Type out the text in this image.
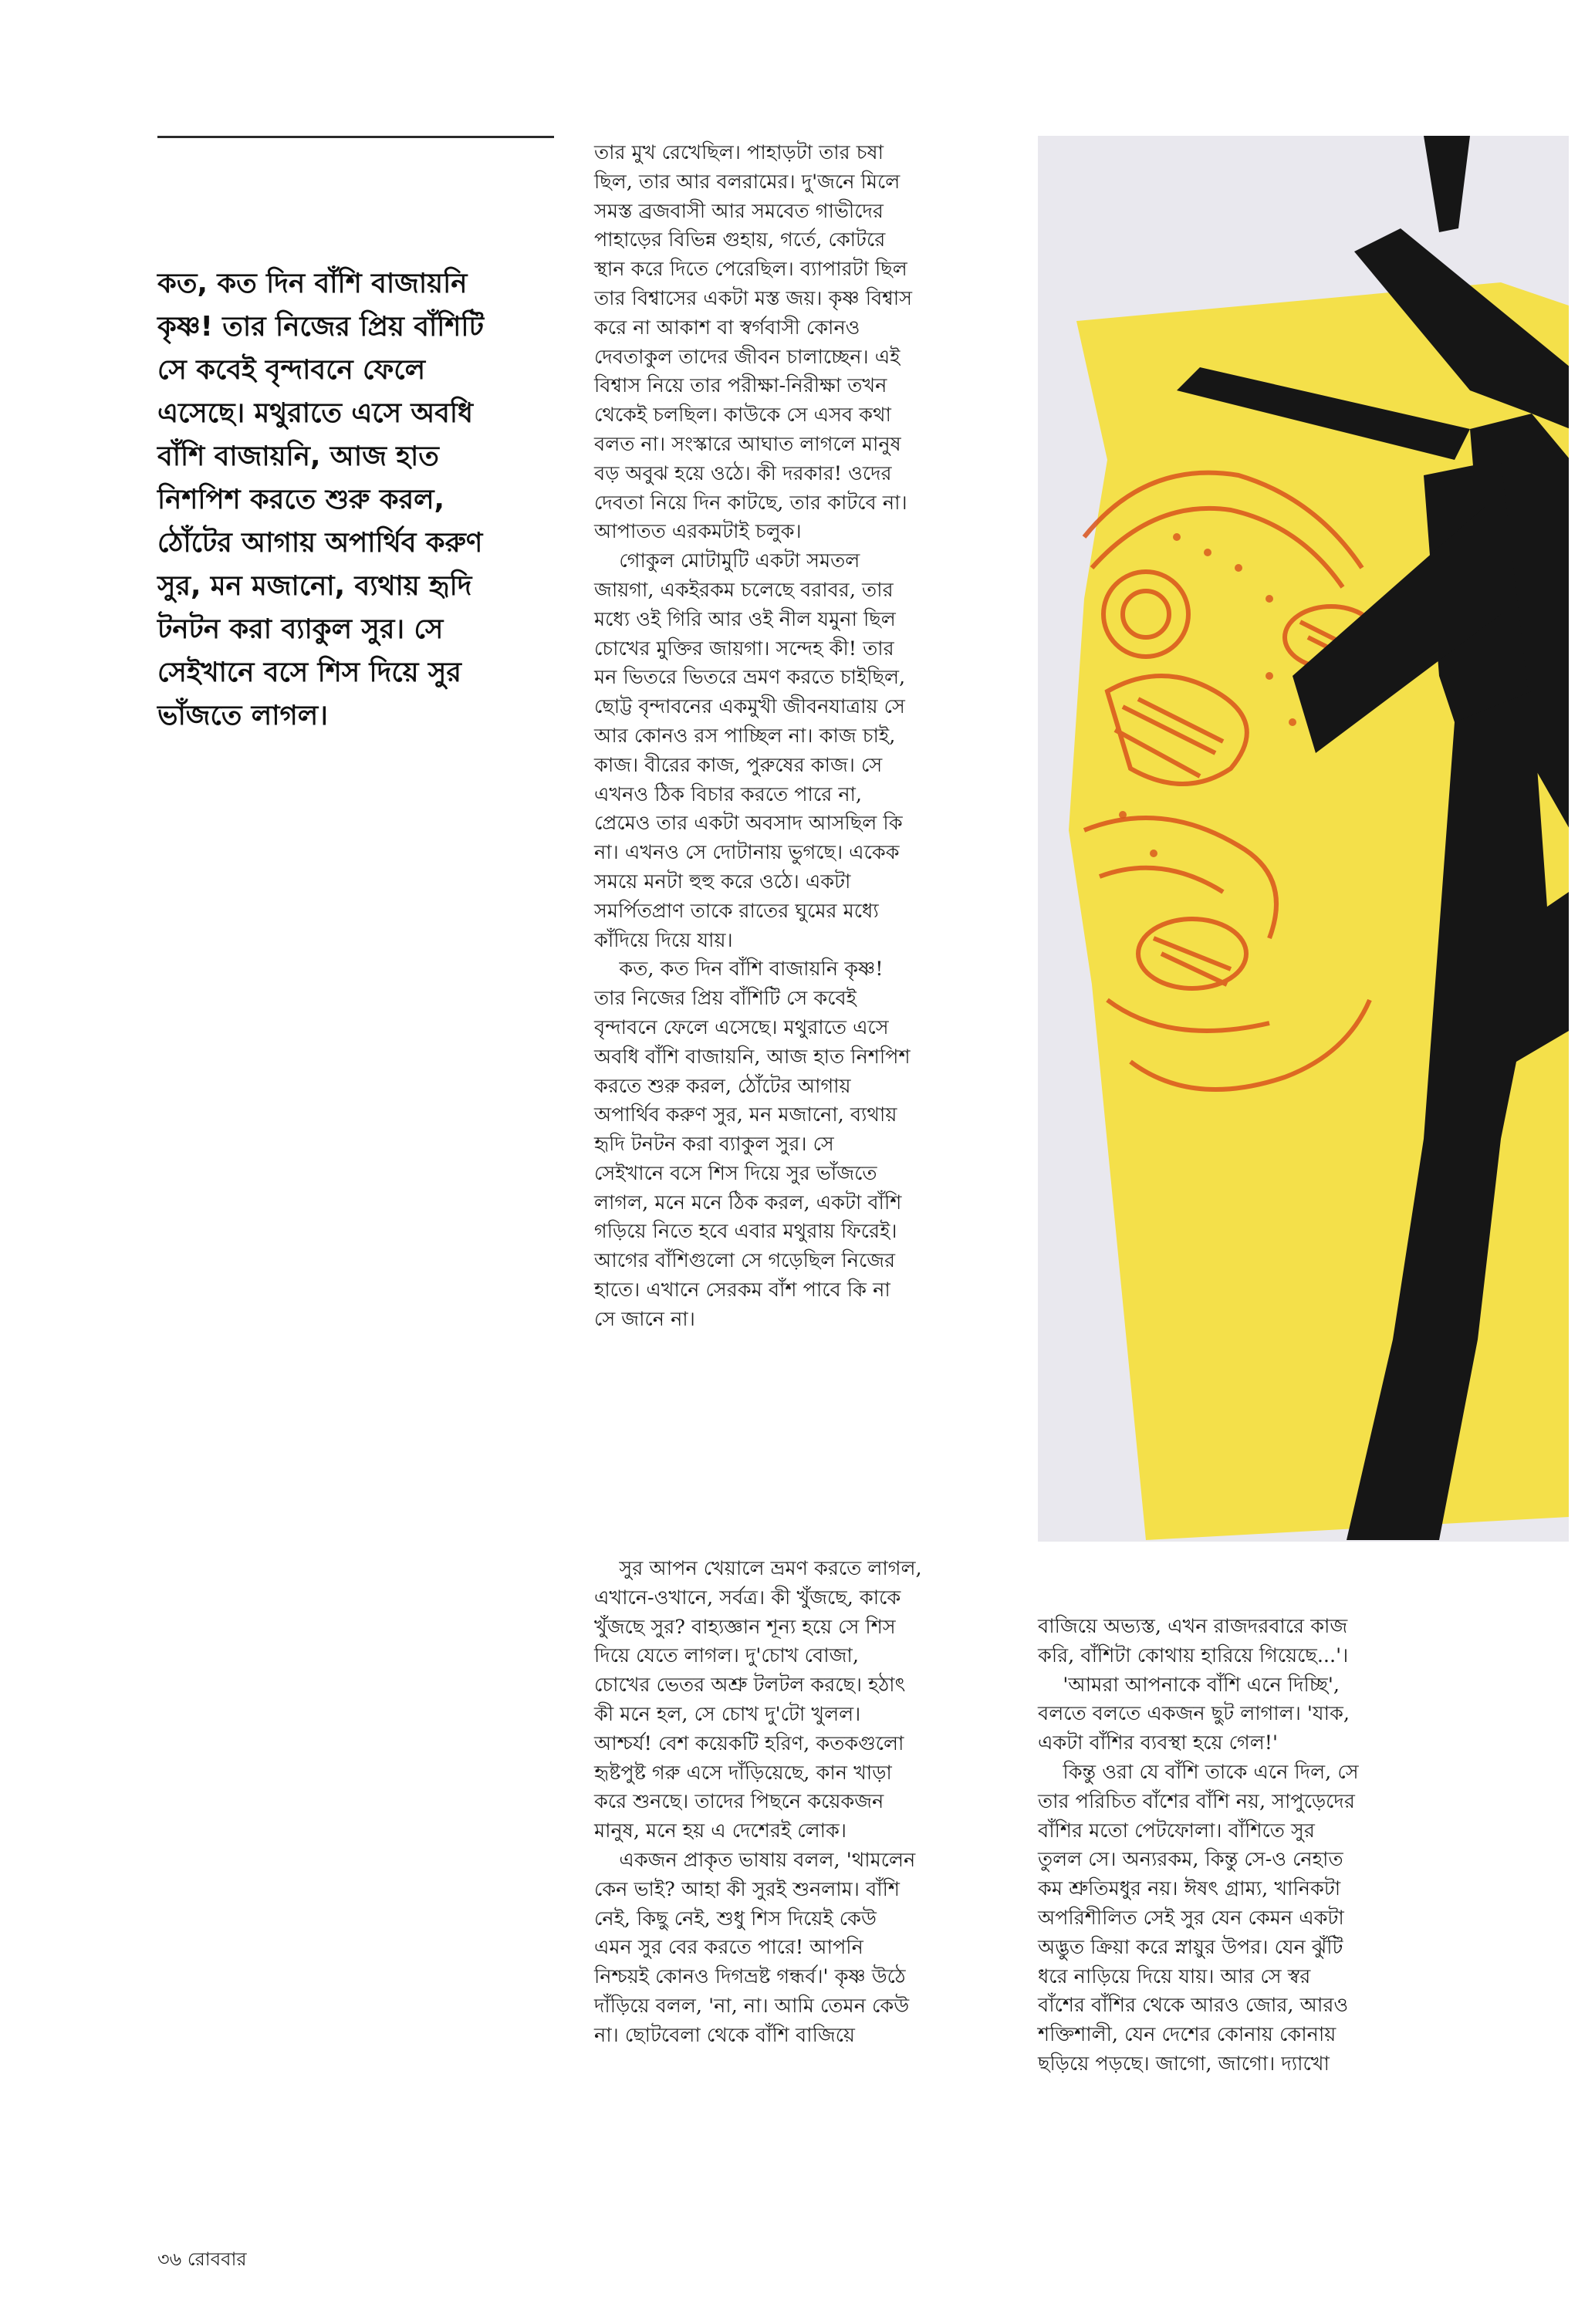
কত, কত দিন বাঁশি বাজায়নি
কৃষ্ণ! তার নিজের প্রিয় বাঁশিটি
সে কবেই বৃন্দাবনে ফেলে
এসেছে। মথুরাতে এসে অবধি
বাঁশি বাজায়নি, আজ হাত
নিশপিশ করতে শুরু করল,
ঠোঁটের আগায় অপার্থিব করুণ
সুর, মন মজানো, ব্যথায় হৃদি
টনটন করা ব্যাকুল সুর। সে
সেইখানে বসে শিস দিয়ে সুর
ভাঁজতে লাগল।
তার মুখ রেখেছিল। পাহাড়টা তার চষা
ছিল, তার আর বলরামের। দু'জনে মিলে
সমস্ত ব্রজবাসী আর সমবেত গাভীদের
পাহাড়ের বিভিন্ন গুহায়, গর্তে, কোটরে
স্থান করে দিতে পেরেছিল। ব্যাপারটা ছিল
তার বিশ্বাসের একটা মস্ত জয়। কৃষ্ণ বিশ্বাস
করে না আকাশ বা স্বর্গবাসী কোনও
দেবতাকুল তাদের জীবন চালাচ্ছেন। এই
বিশ্বাস নিয়ে তার পরীক্ষা-নিরীক্ষা তখন
থেকেই চলছিল। কাউকে সে এসব কথা
বলত না। সংস্কারে আঘাত লাগলে মানুষ
বড় অবুঝ হয়ে ওঠে। কী দরকার! ওদের
দেবতা নিয়ে দিন কাটছে, তার কাটবে না।
আপাতত এরকমটাই চলুক।
গোকুল মোটামুটি একটা সমতল
জায়গা, একইরকম চলেছে বরাবর, তার
মধ্যে ওই গিরি আর ওই নীল যমুনা ছিল
চোখের মুক্তির জায়গা। সন্দেহ কী! তার
মন ভিতরে ভিতরে ভ্রমণ করতে চাইছিল,
ছোট্ট বৃন্দাবনের একমুখী জীবনযাত্রায় সে
আর কোনও রস পাচ্ছিল না। কাজ চাই,
কাজ। বীরের কাজ, পুরুষের কাজ। সে
এখনও ঠিক বিচার করতে পারে না,
প্রেমেও তার একটা অবসাদ আসছিল কি
না। এখনও সে দোটানায় ভুগছে। একেক
সময়ে মনটা হুহু করে ওঠে। একটা
সমর্পিতপ্রাণ তাকে রাতের ঘুমের মধ্যে
কাঁদিয়ে দিয়ে যায়।
কত, কত দিন বাঁশি বাজায়নি কৃষ্ণ!
তার নিজের প্রিয় বাঁশিটি সে কবেই
বৃন্দাবনে ফেলে এসেছে। মথুরাতে এসে
অবধি বাঁশি বাজায়নি, আজ হাত নিশপিশ
করতে শুরু করল, ঠোঁটের আগায়
অপার্থিব করুণ সুর, মন মজানো, ব্যথায়
হৃদি টনটন করা ব্যাকুল সুর। সে
সেইখানে বসে শিস দিয়ে সুর ভাঁজতে
লাগল, মনে মনে ঠিক করল, একটা বাঁশি
গড়িয়ে নিতে হবে এবার মথুরায় ফিরেই।
আগের বাঁশিগুলো সে গড়েছিল নিজের
হাতে। এখানে সেরকম বাঁশ পাবে কি না
সে জানে না।
সুর আপন খেয়ালে ভ্রমণ করতে লাগল,
এখানে-ওখানে, সর্বত্র। কী খুঁজছে, কাকে
খুঁজছে সুর? বাহ্যজ্ঞান শূন্য হয়ে সে শিস
দিয়ে যেতে লাগল। দু'চোখ বোজা,
চোখের ভেতর অশ্রু টলটল করছে। হঠাৎ
কী মনে হল, সে চোখ দু'টো খুলল।
আশ্চর্য! বেশ কয়েকটি হরিণ, কতকগুলো
হৃষ্টপুষ্ট গরু এসে দাঁড়িয়েছে, কান খাড়া
করে শুনছে। তাদের পিছনে কয়েকজন
মানুষ, মনে হয় এ দেশেরই লোক।
একজন প্রাকৃত ভাষায় বলল, 'থামলেন
কেন ভাই? আহা কী সুরই শুনলাম। বাঁশি
নেই, কিছু নেই, শুধু শিস দিয়েই কেউ
এমন সুর বের করতে পারে! আপনি
নিশ্চয়ই কোনও দিগভ্রষ্ট গন্ধর্ব।' কৃষ্ণ উঠে
দাঁড়িয়ে বলল, 'না, না। আমি তেমন কেউ
না। ছোটবেলা থেকে বাঁশি বাজিয়ে
বাজিয়ে অভ্যস্ত, এখন রাজদরবারে কাজ
করি, বাঁশিটা কোথায় হারিয়ে গিয়েছে...'।
'আমরা আপনাকে বাঁশি এনে দিচ্ছি',
বলতে বলতে একজন ছুট লাগাল। 'যাক,
একটা বাঁশির ব্যবস্থা হয়ে গেল!'
কিন্তু ওরা যে বাঁশি তাকে এনে দিল, সে
তার পরিচিত বাঁশের বাঁশি নয়, সাপুড়েদের
বাঁশির মতো পেটফোলা। বাঁশিতে সুর
তুলল সে। অন্যরকম, কিন্তু সে-ও নেহাত
কম শ্রুতিমধুর নয়। ঈষৎ গ্রাম্য, খানিকটা
অপরিশীলিত সেই সুর যেন কেমন একটা
অদ্ভুত ক্রিয়া করে স্নায়ুর উপর। যেন ঝুঁটি
ধরে নাড়িয়ে দিয়ে যায়। আর সে স্বর
বাঁশের বাঁশির থেকে আরও জোর, আরও
শক্তিশালী, যেন দেশের কোনায় কোনায়
ছড়িয়ে পড়ছে। জাগো, জাগো। দ্যাখো
৩৬ রোববার
